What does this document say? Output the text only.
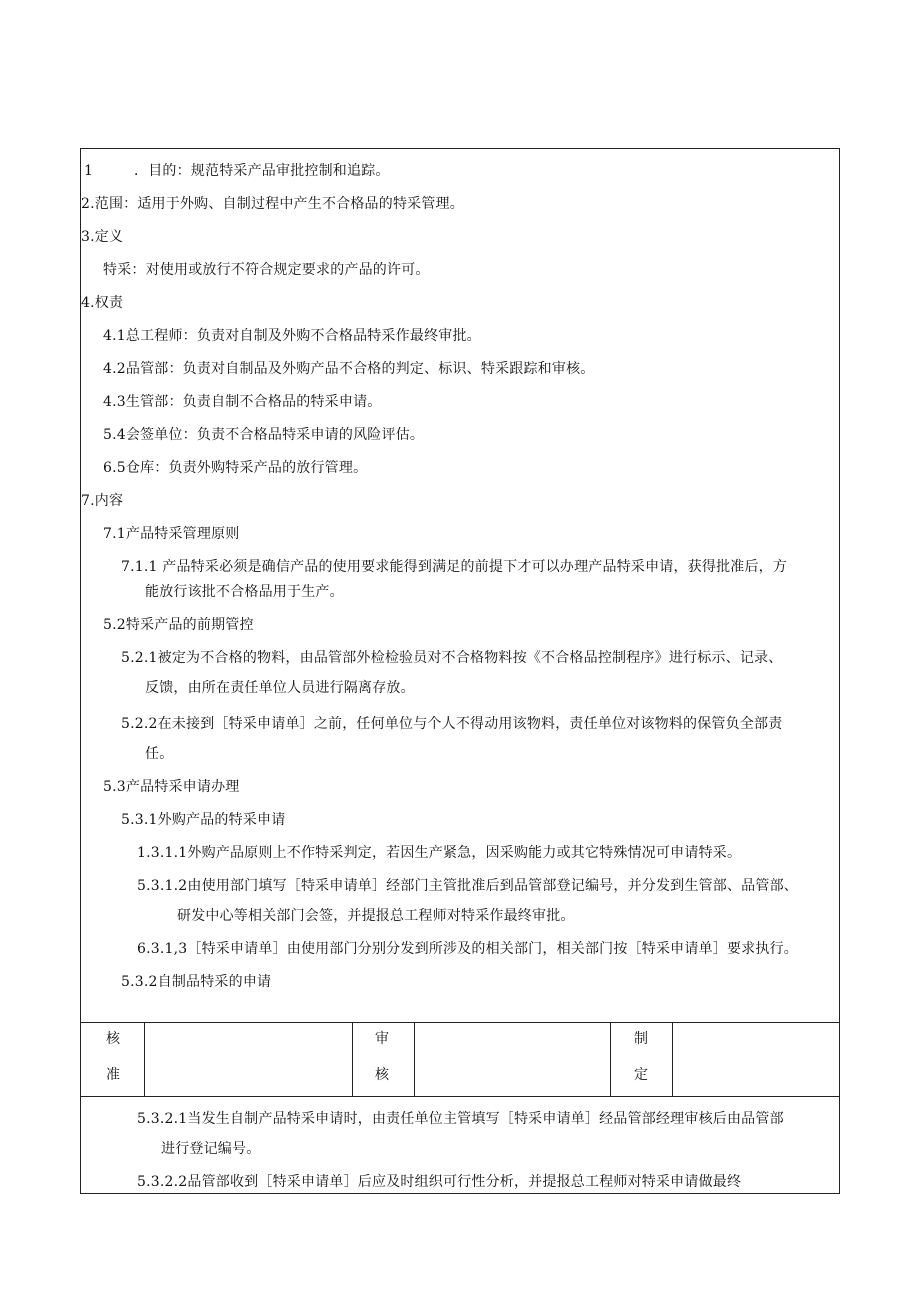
1	．目的：规范特采产品审批控制和追踪。
2.范围：适用于外购、自制过程中产生不合格品的特采管理。
3.定义
特采：对使用或放行不符合规定要求的产品的许可。
4.权责
4.1总工程师：负责对自制及外购不合格品特采作最终审批。
4.2品管部：负责对自制品及外购产品不合格的判定、标识、特采跟踪和审核。
4.3生管部：负责自制不合格品的特采申请。
5.4会签单位：负责不合格品特采申请的风险评估。
6.5仓库：负责外购特采产品的放行管理。
7.内容
7.1产品特采管理原则
7.1.1 产品特采必须是确信产品的使用要求能得到满足的前提下才可以办理产品特采申请，获得批准后，方
能放行该批不合格品用于生产。
5.2特采产品的前期管控
5.2.1被定为不合格的物料，由品管部外检检验员对不合格物料按《不合格品控制程序》进行标示、记录、
反馈，由所在责任单位人员进行隔离存放。
5.2.2在未接到［特采申请单］之前，任何单位与个人不得动用该物料，责任单位对该物料的保管负全部责
任。
5.3产品特采申请办理
5.3.1外购产品的特采申请
1.3.1.1外购产品原则上不作特采判定，若因生产紧急，因采购能力或其它特殊情况可申请特采。
5.3.1.2由使用部门填写［特采申请单］经部门主管批准后到品管部登记编号，并分发到生管部、品管部、
研发中心等相关部门会签，并提报总工程师对特采作最终审批。
6.3.1,3［特采申请单］由使用部门分别分发到所涉及的相关部门，相关部门按［特采申请单］要求执行。
5.3.2自制品特采的申请
核
准
审
核
制
定
5.3.2.1当发生自制产品特采申请时，由责任单位主管填写［特采申请单］经品管部经理审核后由品管部
进行登记编号。
5.3.2.2品管部收到［特采申请单］后应及时组织可行性分析，并提报总工程师对特采申请做最终
